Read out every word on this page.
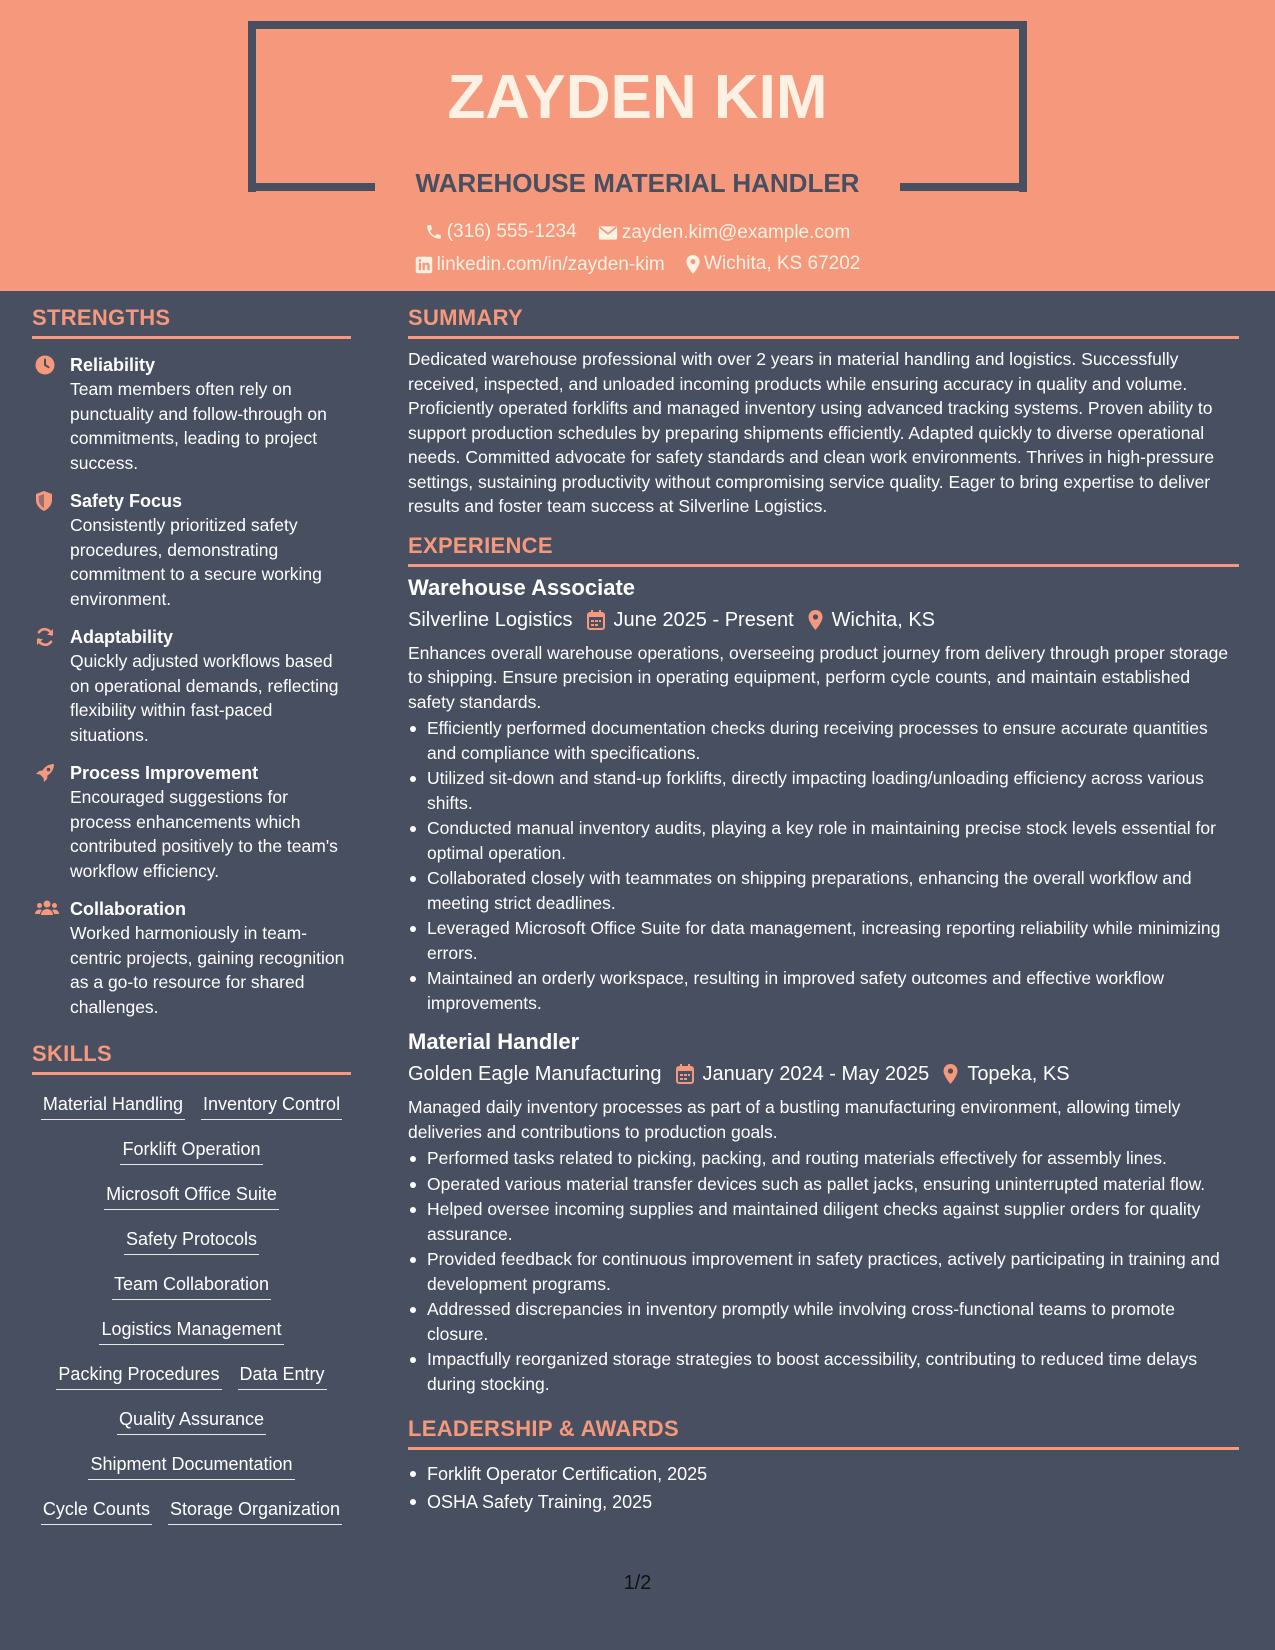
ZAYDEN KIM
WAREHOUSE MATERIAL HANDLER
(316) 555-1234
zayden.kim@example.com
linkedin.com/in/zayden-kim
Wichita, KS 67202
STRENGTHS
Reliability
Team members often rely on punctuality and follow-through on commitments, leading to project success.
Safety Focus
Consistently prioritized safety procedures, demonstrating commitment to a secure working environment.
Adaptability
Quickly adjusted workflows based on operational demands, reflecting flexibility within fast-paced situations.
Process Improvement
Encouraged suggestions for process enhancements which contributed positively to the team's workflow efficiency.
Collaboration
Worked harmoniously in team-centric projects, gaining recognition as a go-to resource for shared challenges.
SKILLS
Material Handling Inventory Control
Forklift Operation
Microsoft Office Suite
Safety Protocols
Team Collaboration
Logistics Management
Packing Procedures Data Entry
Quality Assurance
Shipment Documentation
Cycle Counts Storage Organization
SUMMARY
Dedicated warehouse professional with over 2 years in material handling and logistics. Successfully received, inspected, and unloaded incoming products while ensuring accuracy in quality and volume. Proficiently operated forklifts and managed inventory using advanced tracking systems. Proven ability to support production schedules by preparing shipments efficiently. Adapted quickly to diverse operational needs. Committed advocate for safety standards and clean work environments. Thrives in high-pressure settings, sustaining productivity without compromising service quality. Eager to bring expertise to deliver results and foster team success at Silverline Logistics.
EXPERIENCE
Warehouse Associate
Silverline Logistics June 2025 - Present Wichita, KS
Enhances overall warehouse operations, overseeing product journey from delivery through proper storage to shipping. Ensure precision in operating equipment, perform cycle counts, and maintain established safety standards.
Efficiently performed documentation checks during receiving processes to ensure accurate quantities and compliance with specifications.
Utilized sit-down and stand-up forklifts, directly impacting loading/unloading efficiency across various shifts.
Conducted manual inventory audits, playing a key role in maintaining precise stock levels essential for optimal operation.
Collaborated closely with teammates on shipping preparations, enhancing the overall workflow and meeting strict deadlines.
Leveraged Microsoft Office Suite for data management, increasing reporting reliability while minimizing errors.
Maintained an orderly workspace, resulting in improved safety outcomes and effective workflow improvements.
Material Handler
Golden Eagle Manufacturing January 2024 - May 2025 Topeka, KS
Managed daily inventory processes as part of a bustling manufacturing environment, allowing timely deliveries and contributions to production goals.
Performed tasks related to picking, packing, and routing materials effectively for assembly lines.
Operated various material transfer devices such as pallet jacks, ensuring uninterrupted material flow.
Helped oversee incoming supplies and maintained diligent checks against supplier orders for quality assurance.
Provided feedback for continuous improvement in safety practices, actively participating in training and development programs.
Addressed discrepancies in inventory promptly while involving cross-functional teams to promote closure.
Impactfully reorganized storage strategies to boost accessibility, contributing to reduced time delays during stocking.
LEADERSHIP & AWARDS
Forklift Operator Certification, 2025
OSHA Safety Training, 2025
1/2
